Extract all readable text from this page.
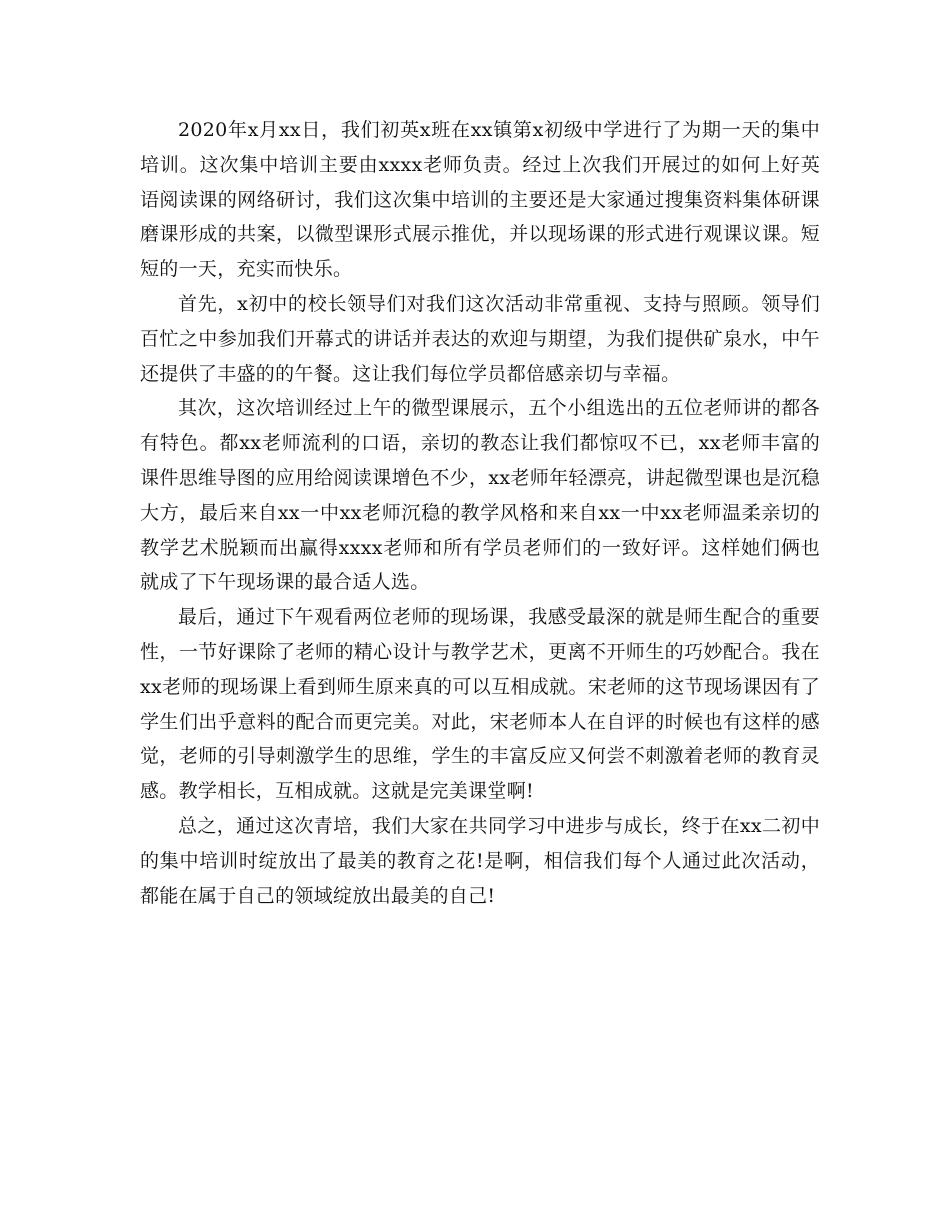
2020年x月xx日，我们初英x班在xx镇第x初级中学进行了为期一天的集中培训。这次集中培训主要由xxxx老师负责。经过上次我们开展过的如何上好英语阅读课的网络研讨，我们这次集中培训的主要还是大家通过搜集资料集体研课磨课形成的共案，以微型课形式展示推优，并以现场课的形式进行观课议课。短短的一天，充实而快乐。

首先，x初中的校长领导们对我们这次活动非常重视、支持与照顾。领导们百忙之中参加我们开幕式的讲话并表达的欢迎与期望，为我们提供矿泉水，中午还提供了丰盛的的午餐。这让我们每位学员都倍感亲切与幸福。

其次，这次培训经过上午的微型课展示，五个小组选出的五位老师讲的都各有特色。都xx老师流利的口语，亲切的教态让我们都惊叹不已，xx老师丰富的课件思维导图的应用给阅读课增色不少，xx老师年轻漂亮，讲起微型课也是沉稳大方，最后来自xx一中xx老师沉稳的教学风格和来自xx一中xx老师温柔亲切的教学艺术脱颖而出赢得xxxx老师和所有学员老师们的一致好评。这样她们俩也就成了下午现场课的最合适人选。

最后，通过下午观看两位老师的现场课，我感受最深的就是师生配合的重要性，一节好课除了老师的精心设计与教学艺术，更离不开师生的巧妙配合。我在xx老师的现场课上看到师生原来真的可以互相成就。宋老师的这节现场课因有了学生们出乎意料的配合而更完美。对此，宋老师本人在自评的时候也有这样的感觉，老师的引导刺激学生的思维，学生的丰富反应又何尝不刺激着老师的教育灵感。教学相长，互相成就。这就是完美课堂啊!

总之，通过这次青培，我们大家在共同学习中进步与成长，终于在xx二初中的集中培训时绽放出了最美的教育之花!是啊，相信我们每个人通过此次活动，都能在属于自己的领域绽放出最美的自己!
